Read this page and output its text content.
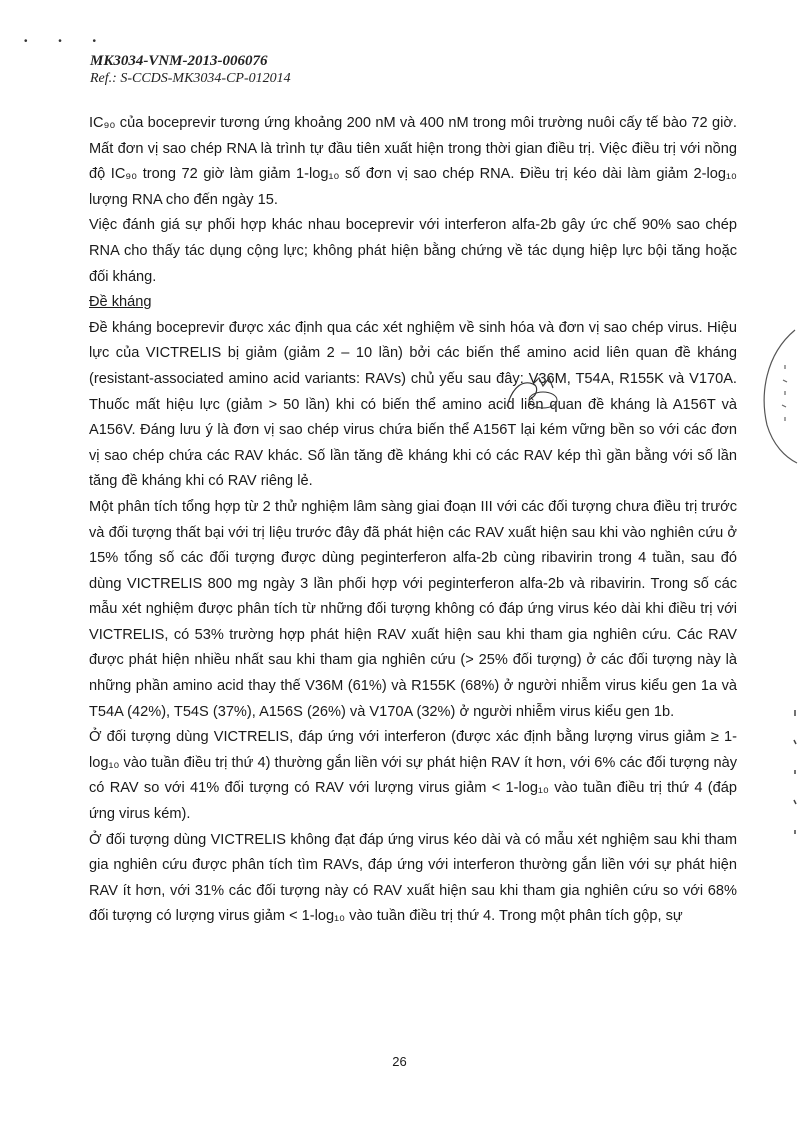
• • •
MK3034-VNM-2013-006076
Ref.: S-CCDS-MK3034-CP-012014

IC₉₀ của boceprevir tương ứng khoảng 200 nM và 400 nM trong môi trường nuôi cấy tế bào 72 giờ. Mất đơn vị sao chép RNA là trình tự đầu tiên xuất hiện trong thời gian điều trị. Việc điều trị với nồng độ IC₉₀ trong 72 giờ làm giảm 1-log₁₀ số đơn vị sao chép RNA. Điều trị kéo dài làm giảm 2-log₁₀ lượng RNA cho đến ngày 15.

Việc đánh giá sự phối hợp khác nhau boceprevir với interferon alfa-2b gây ức chế 90% sao chép RNA cho thấy tác dụng cộng lực; không phát hiện bằng chứng về tác dụng hiệp lực bội tăng hoặc đối kháng.

Đề kháng

Đề kháng boceprevir được xác định qua các xét nghiệm về sinh hóa và đơn vị sao chép virus. Hiệu lực của VICTRELIS bị giảm (giảm 2 – 10 lần) bởi các biến thể amino acid liên quan đề kháng (resistant-associated amino acid variants: RAVs) chủ yếu sau đây: V36M, T54A, R155K và V170A. Thuốc mất hiệu lực (giảm > 50 lần) khi có biến thể amino acid liên quan đề kháng là A156T và A156V. Đáng lưu ý là đơn vị sao chép virus chứa biến thể A156T lại kém vững bền so với các đơn vị sao chép chứa các RAV khác. Số lần tăng đề kháng khi có các RAV kép thì gần bằng với số lần tăng đề kháng khi có RAV riêng lẻ.

Một phân tích tổng hợp từ 2 thử nghiệm lâm sàng giai đoạn III với các đối tượng chưa điều trị trước và đối tượng thất bại với trị liệu trước đây đã phát hiện các RAV xuất hiện sau khi vào nghiên cứu ở 15% tổng số các đối tượng được dùng peginterferon alfa-2b cùng ribavirin trong 4 tuần, sau đó dùng VICTRELIS 800 mg ngày 3 lần phối hợp với peginterferon alfa-2b và ribavirin. Trong số các mẫu xét nghiệm được phân tích từ những đối tượng không có đáp ứng virus kéo dài khi điều trị với VICTRELIS, có 53% trường hợp phát hiện RAV xuất hiện sau khi tham gia nghiên cứu. Các RAV được phát hiện nhiều nhất sau khi tham gia nghiên cứu (> 25% đối tượng) ở các đối tượng này là những phần amino acid thay thế V36M (61%) và R155K (68%) ở người nhiễm virus kiểu gen 1a và T54A (42%), T54S (37%), A156S (26%) và V170A (32%) ở người nhiễm virus kiểu gen 1b.

Ở đối tượng dùng VICTRELIS, đáp ứng với interferon (được xác định bằng lượng virus giảm ≥ 1-log₁₀ vào tuần điều trị thứ 4) thường gắn liền với sự phát hiện RAV ít hơn, với 6% các đối tượng này có RAV so với 41% đối tượng có RAV với lượng virus giảm < 1-log₁₀ vào tuần điều trị thứ 4 (đáp ứng virus kém).

Ở đối tượng dùng VICTRELIS không đạt đáp ứng virus kéo dài và có mẫu xét nghiệm sau khi tham gia nghiên cứu được phân tích tìm RAVs, đáp ứng với interferon thường gắn liền với sự phát hiện RAV ít hơn, với 31% các đối tượng này có RAV xuất hiện sau khi tham gia nghiên cứu so với 68% đối tượng có lượng virus giảm < 1-log₁₀ vào tuần điều trị thứ 4. Trong một phân tích gộp, sự

26
